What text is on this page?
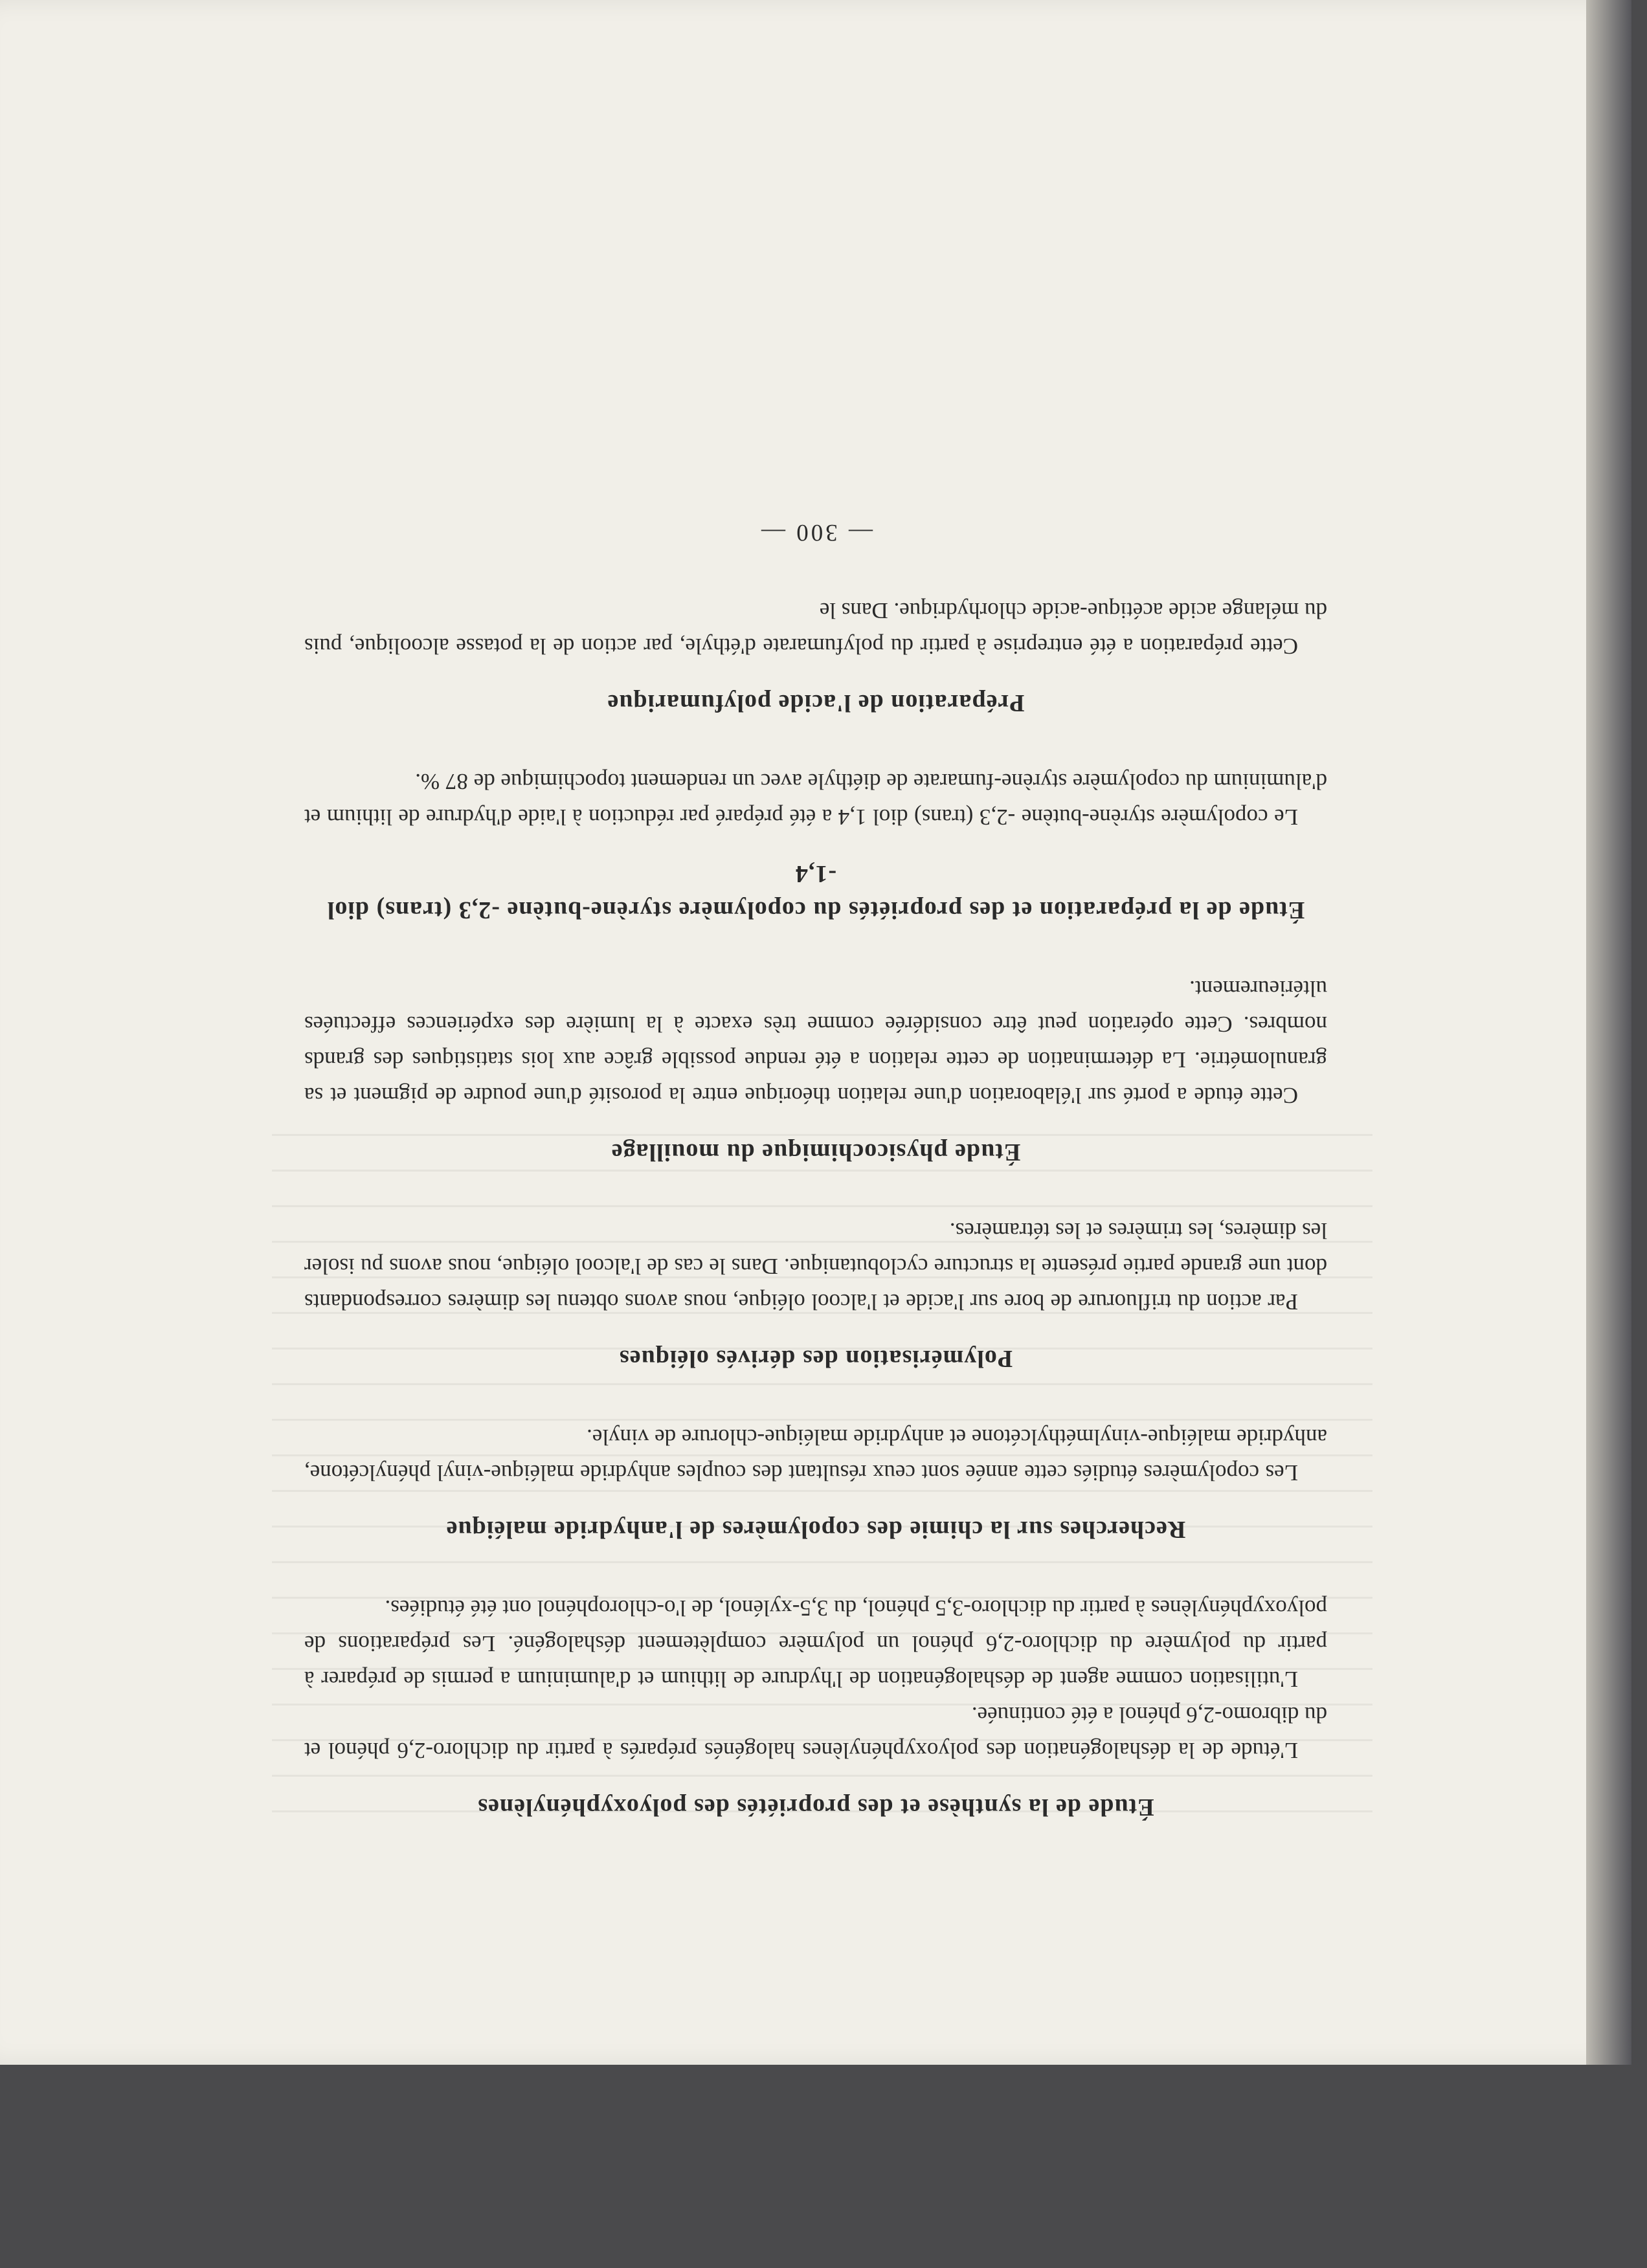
Étude de la synthèse et des propriétés des polyoxyphénylènes

L'étude de la déshalogénation des polyoxyphénylènes halogénés préparés à partir du dichloro-2,6 phénol et du dibromo-2,6 phénol a été continuée.

L'utilisation comme agent de déshalogénation de l'hydrure de lithium et d'aluminium a permis de préparer à partir du polymère du dichloro-2,6 phénol un polymère complètement déshalogéné. Les préparations de polyoxyphénylènes à partir du dichloro-3,5 phénol, du 3,5-xylénol, de l'o-chlorophénol ont été étudiées.

Recherches sur la chimie des copolymères de l'anhydride maléique

Les copolymères étudiés cette année sont ceux résultant des couples anhydride maléique-vinyl phénylcétone, anhydride maléique-vinylméthylcétone et anhydride maléique-chlorure de vinyle.

Polymérisation des dérivés oléiques

Par action du trifluorure de bore sur l'acide et l'alcool oléique, nous avons obtenu les dimères correspondants dont une grande partie présente la structure cyclobutanique. Dans le cas de l'alcool oléique, nous avons pu isoler les dimères, les trimères et les tétramères.

Étude physicochimique du mouillage

Cette étude a porté sur l'élaboration d'une relation théorique entre la porosité d'une poudre de pigment et sa granulométrie. La détermination de cette relation a été rendue possible grâce aux lois statistiques des grands nombres. Cette opération peut être considérée comme très exacte à la lumière des expériences effectuées ultérieurement.

Étude de la préparation et des propriétés du copolymère styrène-butène -2,3 (trans) diol -1,4

Le copolymère styrène-butène -2,3 (trans) diol 1,4 a été préparé par réduction à l'aide d'hydrure de lithium et d'aluminium du copolymère styrène-fumarate de diéthyle avec un rendement topochimique de 87 %.

Préparation de l'acide polyfumarique

Cette préparation a été entreprise à partir du polyfumarate d'éthyle, par action de la potasse alcoolique, puis du mélange acide acétique-acide chlorhydrique. Dans le

— 300 —
